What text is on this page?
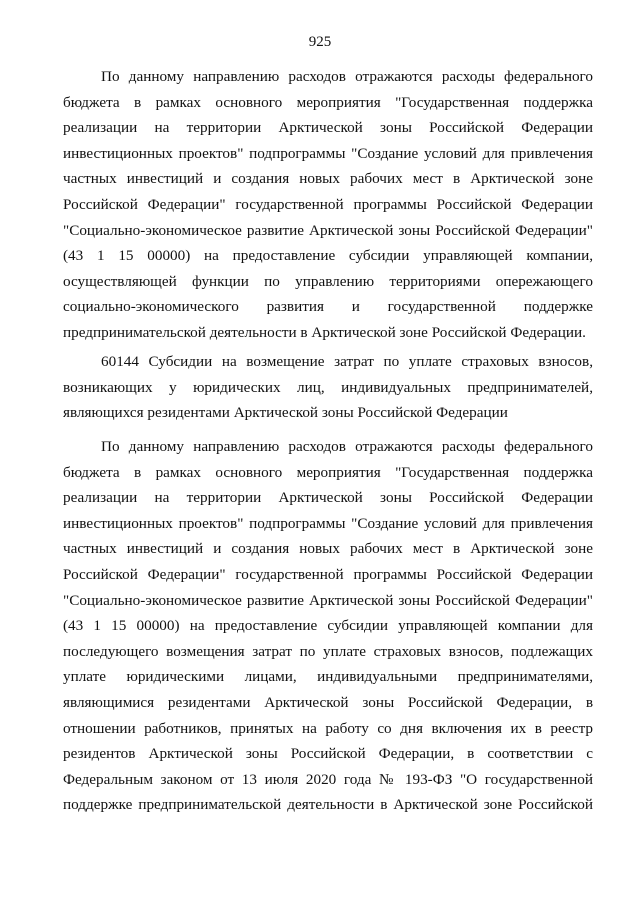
925
По данному направлению расходов отражаются расходы федерального
бюджета в рамках основного мероприятия "Государственная поддержка
реализации на территории Арктической зоны Российской Федерации
инвестиционных проектов" подпрограммы "Создание условий для привлечения
частных инвестиций и создания новых рабочих мест в Арктической зоне
Российской Федерации" государственной программы Российской Федерации
"Социально-экономическое развитие Арктической зоны Российской Федерации"
(43 1 15 00000) на предоставление субсидии управляющей компании,
осуществляющей функции по управлению территориями опережающего
социально-экономического развития и государственной поддержке
предпринимательской деятельности в Арктической зоне Российской Федерации.
60144 Субсидии на возмещение затрат по уплате страховых взносов,
возникающих у юридических лиц, индивидуальных предпринимателей,
являющихся резидентами Арктической зоны Российской Федерации
По данному направлению расходов отражаются расходы федерального
бюджета в рамках основного мероприятия "Государственная поддержка
реализации на территории Арктической зоны Российской Федерации
инвестиционных проектов" подпрограммы "Создание условий для привлечения
частных инвестиций и создания новых рабочих мест в Арктической зоне
Российской Федерации" государственной программы Российской Федерации
"Социально-экономическое развитие Арктической зоны Российской Федерации"
(43 1 15 00000) на предоставление субсидии управляющей компании для
последующего возмещения затрат по уплате страховых взносов, подлежащих
уплате юридическими лицами, индивидуальными предпринимателями,
являющимися резидентами Арктической зоны Российской Федерации, в
отношении работников, принятых на работу со дня включения их в реестр
резидентов Арктической зоны Российской Федерации, в соответствии с
Федеральным законом от 13 июля 2020 года № 193-ФЗ "О государственной
поддержке предпринимательской деятельности в Арктической зоне Российской
